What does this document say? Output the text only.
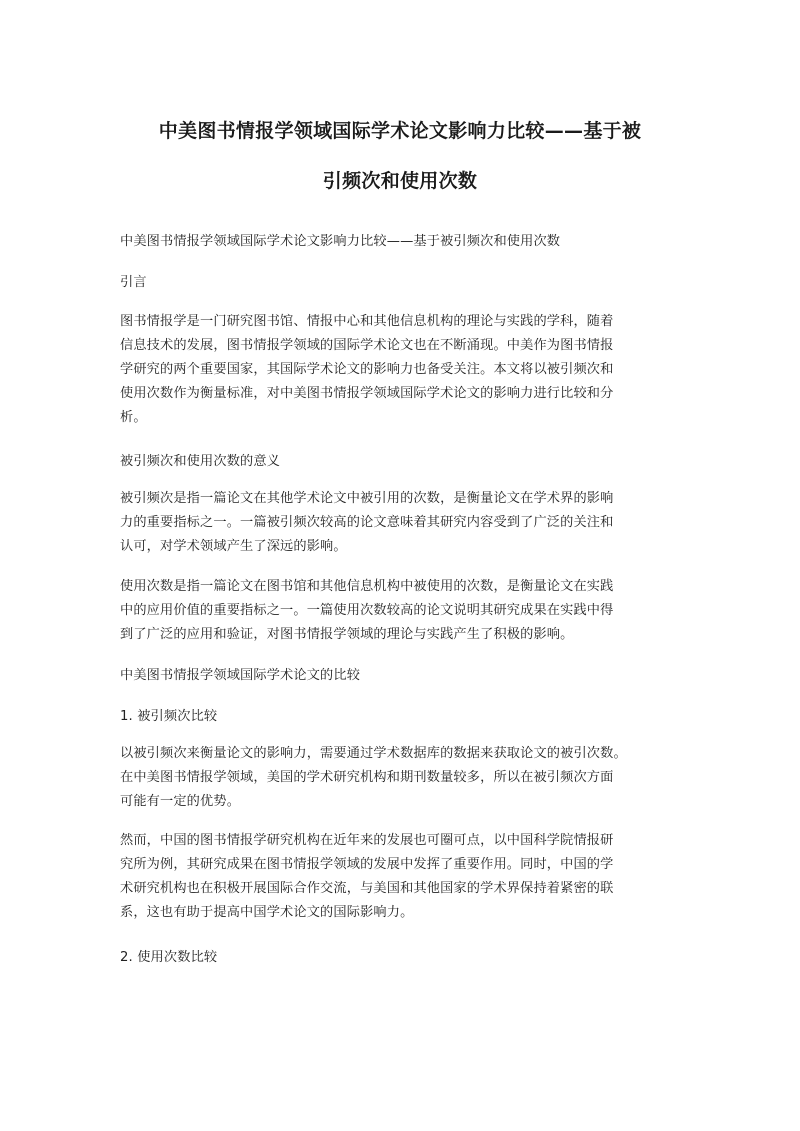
中美图书情报学领域国际学术论文影响力比较——基于被
引频次和使用次数

中美图书情报学领域国际学术论文影响力比较——基于被引频次和使用次数

引言

图书情报学是一门研究图书馆、情报中心和其他信息机构的理论与实践的学科，随着
信息技术的发展，图书情报学领域的国际学术论文也在不断涌现。中美作为图书情报
学研究的两个重要国家，其国际学术论文的影响力也备受关注。本文将以被引频次和
使用次数作为衡量标准，对中美图书情报学领域国际学术论文的影响力进行比较和分
析。

被引频次和使用次数的意义

被引频次是指一篇论文在其他学术论文中被引用的次数，是衡量论文在学术界的影响
力的重要指标之一。一篇被引频次较高的论文意味着其研究内容受到了广泛的关注和
认可，对学术领域产生了深远的影响。

使用次数是指一篇论文在图书馆和其他信息机构中被使用的次数，是衡量论文在实践
中的应用价值的重要指标之一。一篇使用次数较高的论文说明其研究成果在实践中得
到了广泛的应用和验证，对图书情报学领域的理论与实践产生了积极的影响。

中美图书情报学领域国际学术论文的比较

1. 被引频次比较

以被引频次来衡量论文的影响力，需要通过学术数据库的数据来获取论文的被引次数。
在中美图书情报学领域，美国的学术研究机构和期刊数量较多，所以在被引频次方面
可能有一定的优势。

然而，中国的图书情报学研究机构在近年来的发展也可圈可点，以中国科学院情报研
究所为例，其研究成果在图书情报学领域的发展中发挥了重要作用。同时，中国的学
术研究机构也在积极开展国际合作交流，与美国和其他国家的学术界保持着紧密的联
系，这也有助于提高中国学术论文的国际影响力。

2. 使用次数比较
